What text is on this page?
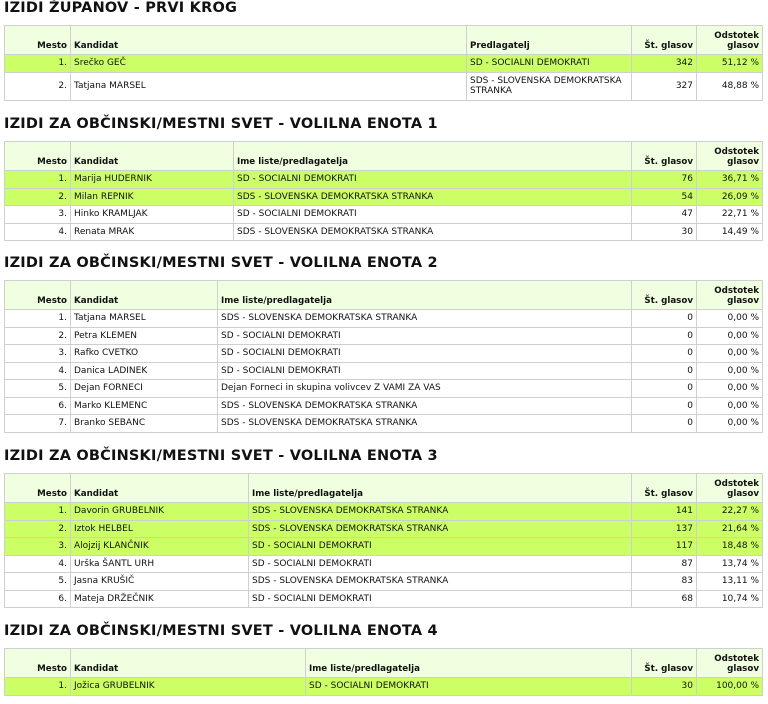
IZIDI ŽUPANOV - PRVI KROG
Mesto	Kandidat	Predlagatelj	Št. glasov	Odstotek
glasov
1.	Srečko GEČ	SD - SOCIALNI DEMOKRATI	342	51,12 %
2.	Tatjana MARSEL	SDS - SLOVENSKA DEMOKRATSKA STRANKA	327	48,88 %
IZIDI ZA OBČINSKI/MESTNI SVET - VOLILNA ENOTA 1
Mesto	Kandidat	Ime liste/predlagatelja	Št. glasov	Odstotek
glasov
1.	Marija HUDERNIK	SD - SOCIALNI DEMOKRATI	76	36,71 %
2.	Milan REPNIK	SDS - SLOVENSKA DEMOKRATSKA STRANKA	54	26,09 %
3.	Hinko KRAMLJAK	SD - SOCIALNI DEMOKRATI	47	22,71 %
4.	Renata MRAK	SDS - SLOVENSKA DEMOKRATSKA STRANKA	30	14,49 %
IZIDI ZA OBČINSKI/MESTNI SVET - VOLILNA ENOTA 2
Mesto	Kandidat	Ime liste/predlagatelja	Št. glasov	Odstotek
glasov
1.	Tatjana MARSEL	SDS - SLOVENSKA DEMOKRATSKA STRANKA	0	0,00 %
2.	Petra KLEMEN	SD - SOCIALNI DEMOKRATI	0	0,00 %
3.	Rafko CVETKO	SD - SOCIALNI DEMOKRATI	0	0,00 %
4.	Danica LADINEK	SD - SOCIALNI DEMOKRATI	0	0,00 %
5.	Dejan FORNECI	Dejan Forneci in skupina volivcev Z VAMI ZA VAS	0	0,00 %
6.	Marko KLEMENC	SDS - SLOVENSKA DEMOKRATSKA STRANKA	0	0,00 %
7.	Branko SEBANC	SDS - SLOVENSKA DEMOKRATSKA STRANKA	0	0,00 %
IZIDI ZA OBČINSKI/MESTNI SVET - VOLILNA ENOTA 3
Mesto	Kandidat	Ime liste/predlagatelja	Št. glasov	Odstotek
glasov
1.	Davorin GRUBELNIK	SDS - SLOVENSKA DEMOKRATSKA STRANKA	141	22,27 %
2.	Iztok HELBEL	SDS - SLOVENSKA DEMOKRATSKA STRANKA	137	21,64 %
3.	Alojzij KLANČNIK	SD - SOCIALNI DEMOKRATI	117	18,48 %
4.	Urška ŠANTL URH	SD - SOCIALNI DEMOKRATI	87	13,74 %
5.	Jasna KRUŠIČ	SDS - SLOVENSKA DEMOKRATSKA STRANKA	83	13,11 %
6.	Mateja DRŽEČNIK	SD - SOCIALNI DEMOKRATI	68	10,74 %
IZIDI ZA OBČINSKI/MESTNI SVET - VOLILNA ENOTA 4
Mesto	Kandidat	Ime liste/predlagatelja	Št. glasov	Odstotek
glasov
1.	Jožica GRUBELNIK	SD - SOCIALNI DEMOKRATI	30	100,00 %
